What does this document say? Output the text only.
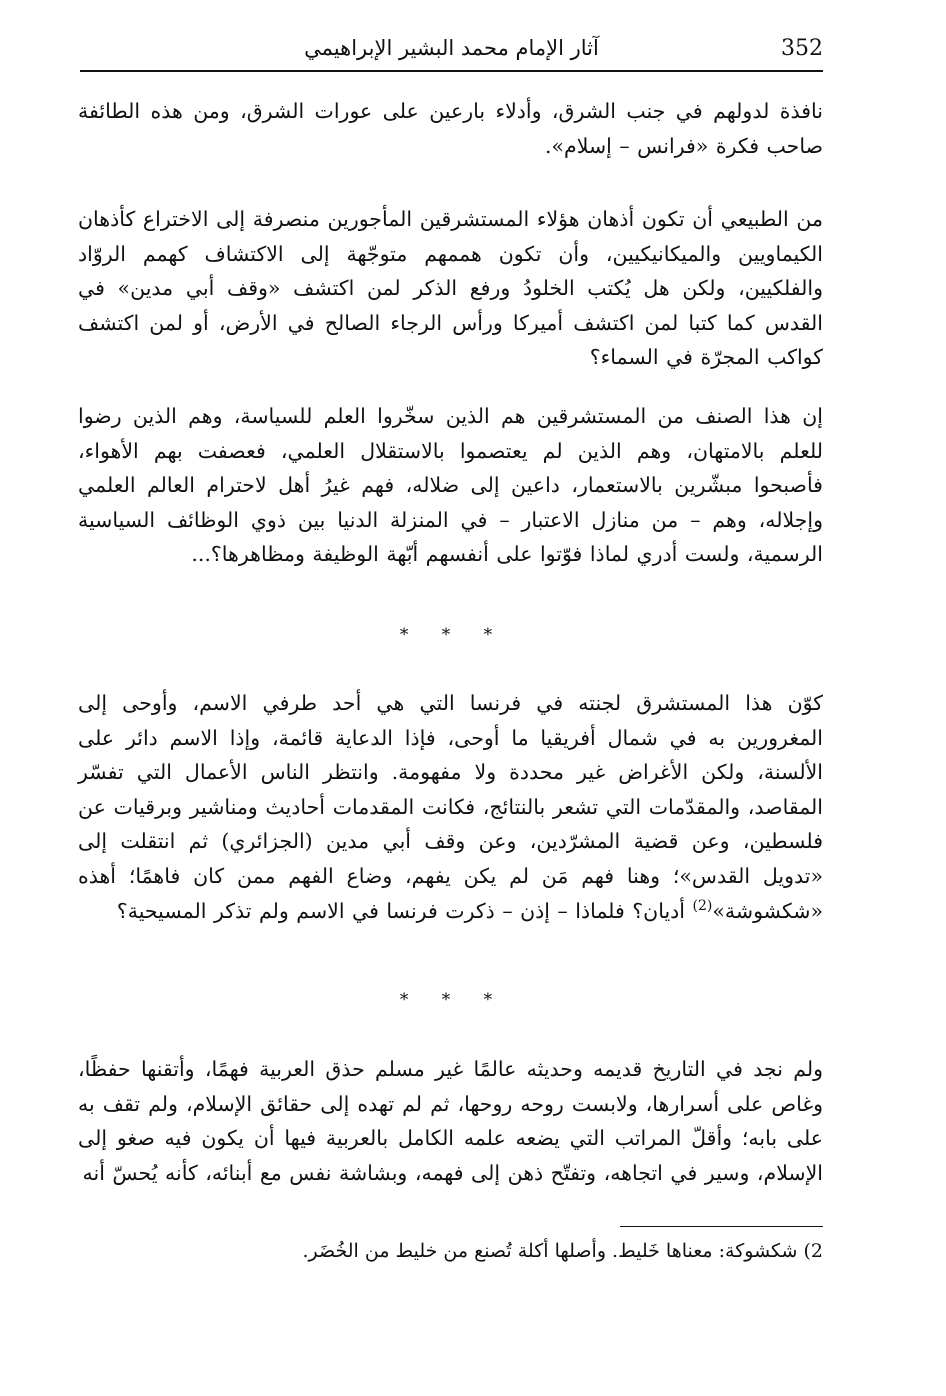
352
آثار الإمام محمد البشير الإبراهيمي

نافذة لدولهم في جنب الشرق، وأدلاء بارعين على عورات الشرق، ومن هذه الطائفة صاحب فكرة «فرانس – إسلام».

من الطبيعي أن تكون أذهان هؤلاء المستشرقين المأجورين منصرفة إلى الاختراع كأذهان الكيماويين والميكانيكيين، وأن تكون هممهم متوجّهة إلى الاكتشاف كهمم الروّاد والفلكيين، ولكن هل يُكتب الخلودُ ورفع الذكر لمن اكتشف «وقف أبي مدين» في القدس كما كتبا لمن اكتشف أميركا ورأس الرجاء الصالح في الأرض، أو لمن اكتشف كواكب المجرّة في السماء؟

إن هذا الصنف من المستشرقين هم الذين سخّروا العلم للسياسة، وهم الذين رضوا للعلم بالامتهان، وهم الذين لم يعتصموا بالاستقلال العلمي، فعصفت بهم الأهواء، فأصبحوا مبشّرين بالاستعمار، داعين إلى ضلاله، فهم غيرُ أهل لاحترام العالم العلمي وإجلاله، وهم – من منازل الاعتبار – في المنزلة الدنيا بين ذوي الوظائف السياسية الرسمية، ولست أدري لماذا فوّتوا على أنفسهم أبّهة الوظيفة ومظاهرها؟...

* * *

كوّن هذا المستشرق لجنته في فرنسا التي هي أحد طرفي الاسم، وأوحى إلى المغرورين به في شمال أفريقيا ما أوحى، فإذا الدعاية قائمة، وإذا الاسم دائر على الألسنة، ولكن الأغراض غير محددة ولا مفهومة. وانتظر الناس الأعمال التي تفسّر المقاصد، والمقدّمات التي تشعر بالنتائج، فكانت المقدمات أحاديث ومناشير وبرقيات عن فلسطين، وعن قضية المشرّدين، وعن وقف أبي مدين (الجزائري) ثم انتقلت إلى «تدويل القدس»؛ وهنا فهم مَن لم يكن يفهم، وضاع الفهم ممن كان فاهمًا؛ أهذه «شكشوشة»$^{(2)}$ أديان؟ فلماذا – إذن – ذكرت فرنسا في الاسم ولم تذكر المسيحية؟

* * *

ولم نجد في التاريخ قديمه وحديثه عالمًا غير مسلم حذق العربية فهمًا، وأتقنها حفظًا، وغاص على أسرارها، ولابست روحه روحها، ثم لم تهده إلى حقائق الإسلام، ولم تقف به على بابه؛ وأقلّ المراتب التي يضعه علمه الكامل بالعربية فيها أن يكون فيه صغو إلى الإسلام، وسير في اتجاهه، وتفتّح ذهن إلى فهمه، وبشاشة نفس مع أبنائه، كأنه يُحسّ أنه

2) شكشوكة: معناها خَليط. وأصلها أكلة تُصنع من خليط من الخُضَر.
